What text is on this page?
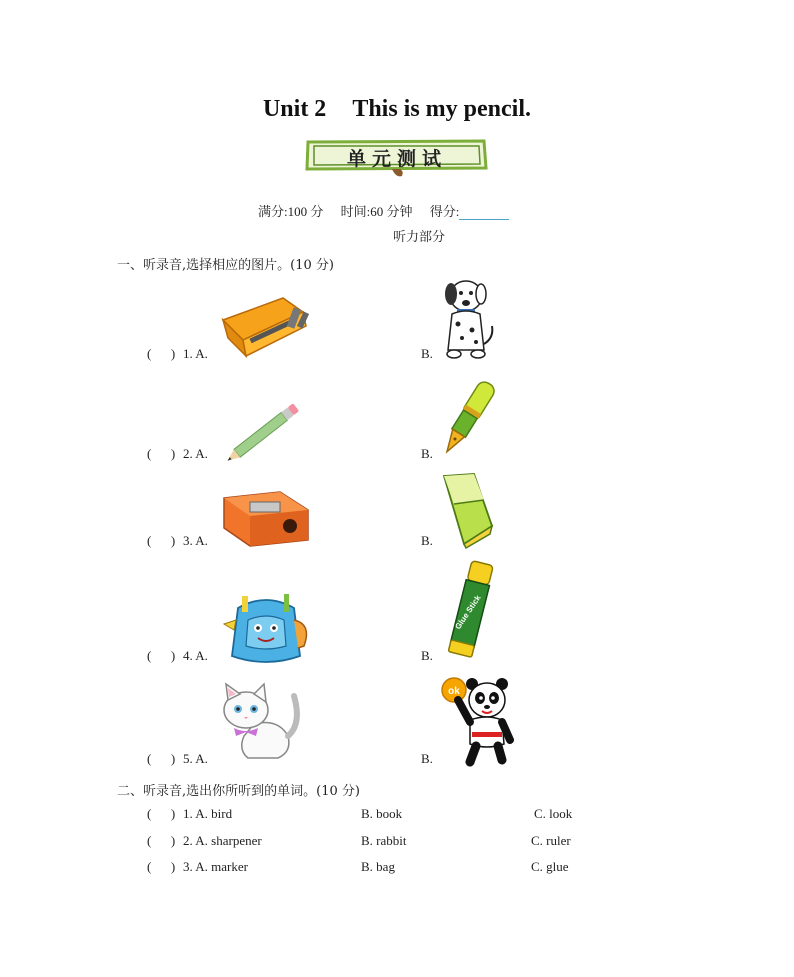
Unit 2 This is my pencil.
单元测试
满分:100 分 时间:60 分钟 得分:
听力部分
一、听录音,选择相应的图片。(10 分)
(      ) 1. A.	B.
(      ) 2. A.	B.
(      ) 3. A.	B.
(      ) 4. A.	B.
Glue Stick
(      ) 5. A.	B.
ok
二、听录音,选出你所听到的单词。(10 分)
(      ) 1. A. bird	B. book	C. look
(      ) 2. A. sharpener	B. rabbit	C. ruler
(      ) 3. A. marker	B. bag	C. glue
